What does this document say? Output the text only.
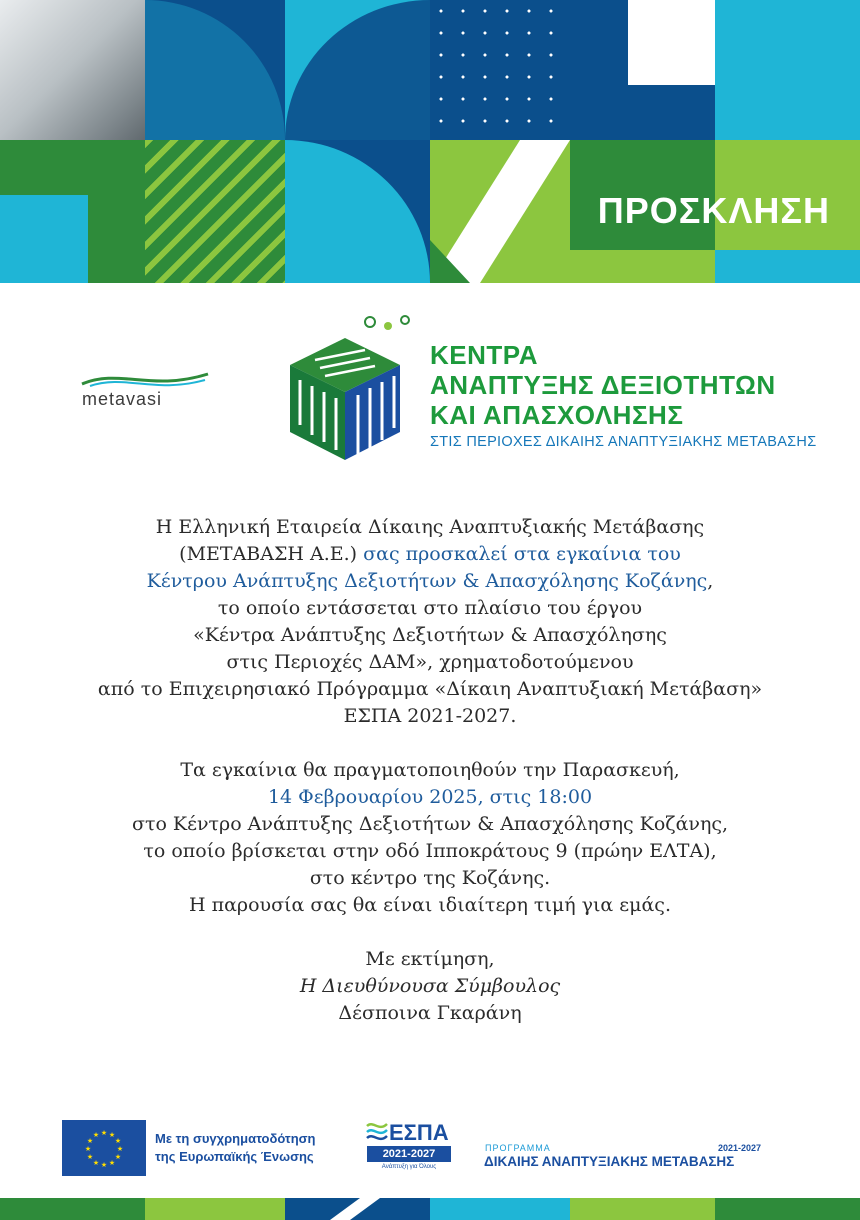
ΠΡΟΣΚΛΗΣΗ
metavasi
ΚΕΝΤΡΑ
ΑΝΑΠΤΥΞΗΣ ΔΕΞΙΟΤΗΤΩΝ
ΚΑΙ ΑΠΑΣΧΟΛΗΣΗΣ
ΣΤΙΣ ΠΕΡΙΟΧΕΣ ΔΙΚΑΙΗΣ ΑΝΑΠΤΥΞΙΑΚΗΣ ΜΕΤΑΒΑΣΗΣ

Η Ελληνική Εταιρεία Δίκαιης Αναπτυξιακής Μετάβασης

(ΜΕΤΑΒΑΣΗ Α.Ε.) σας προσκαλεί στα εγκαίνια του

Κέντρου Ανάπτυξης Δεξιοτήτων & Απασχόλησης Κοζάνης,

το οποίο εντάσσεται στο πλαίσιο του έργου

«Κέντρα Ανάπτυξης Δεξιοτήτων & Απασχόλησης

στις Περιοχές ΔΑΜ», χρηματοδοτούμενου

από το Επιχειρησιακό Πρόγραμμα «Δίκαιη Αναπτυξιακή Μετάβαση»

ΕΣΠΑ 2021-2027.

Τα εγκαίνια θα πραγματοποιηθούν την Παρασκευή,

14 Φεβρουαρίου 2025, στις 18:00

στο Κέντρο Ανάπτυξης Δεξιοτήτων & Απασχόλησης Κοζάνης,

το οποίο βρίσκεται στην οδό Ιπποκράτους 9 (πρώην ΕΛΤΑ),

στο κέντρο της Κοζάνης.

Η παρουσία σας θα είναι ιδιαίτερη τιμή για εμάς.

Με εκτίμηση,

Η Διευθύνουσα Σύμβουλος

Δέσποινα Γκαράνη

★ ★
★
★
★
★
★
★
★
★
★
★	Με τη συγχρηματοδότηση
της Ευρωπαϊκής Ένωσης
ΕΣΠΑ
2021-2027
Ανάπτυξη για Όλους
ΠΡΟΓΡΑΜΜΑ	2021-2027
ΔΙΚΑΙΗΣ ΑΝΑΠΤΥΞΙΑΚΗΣ ΜΕΤΑΒΑΣΗΣ
